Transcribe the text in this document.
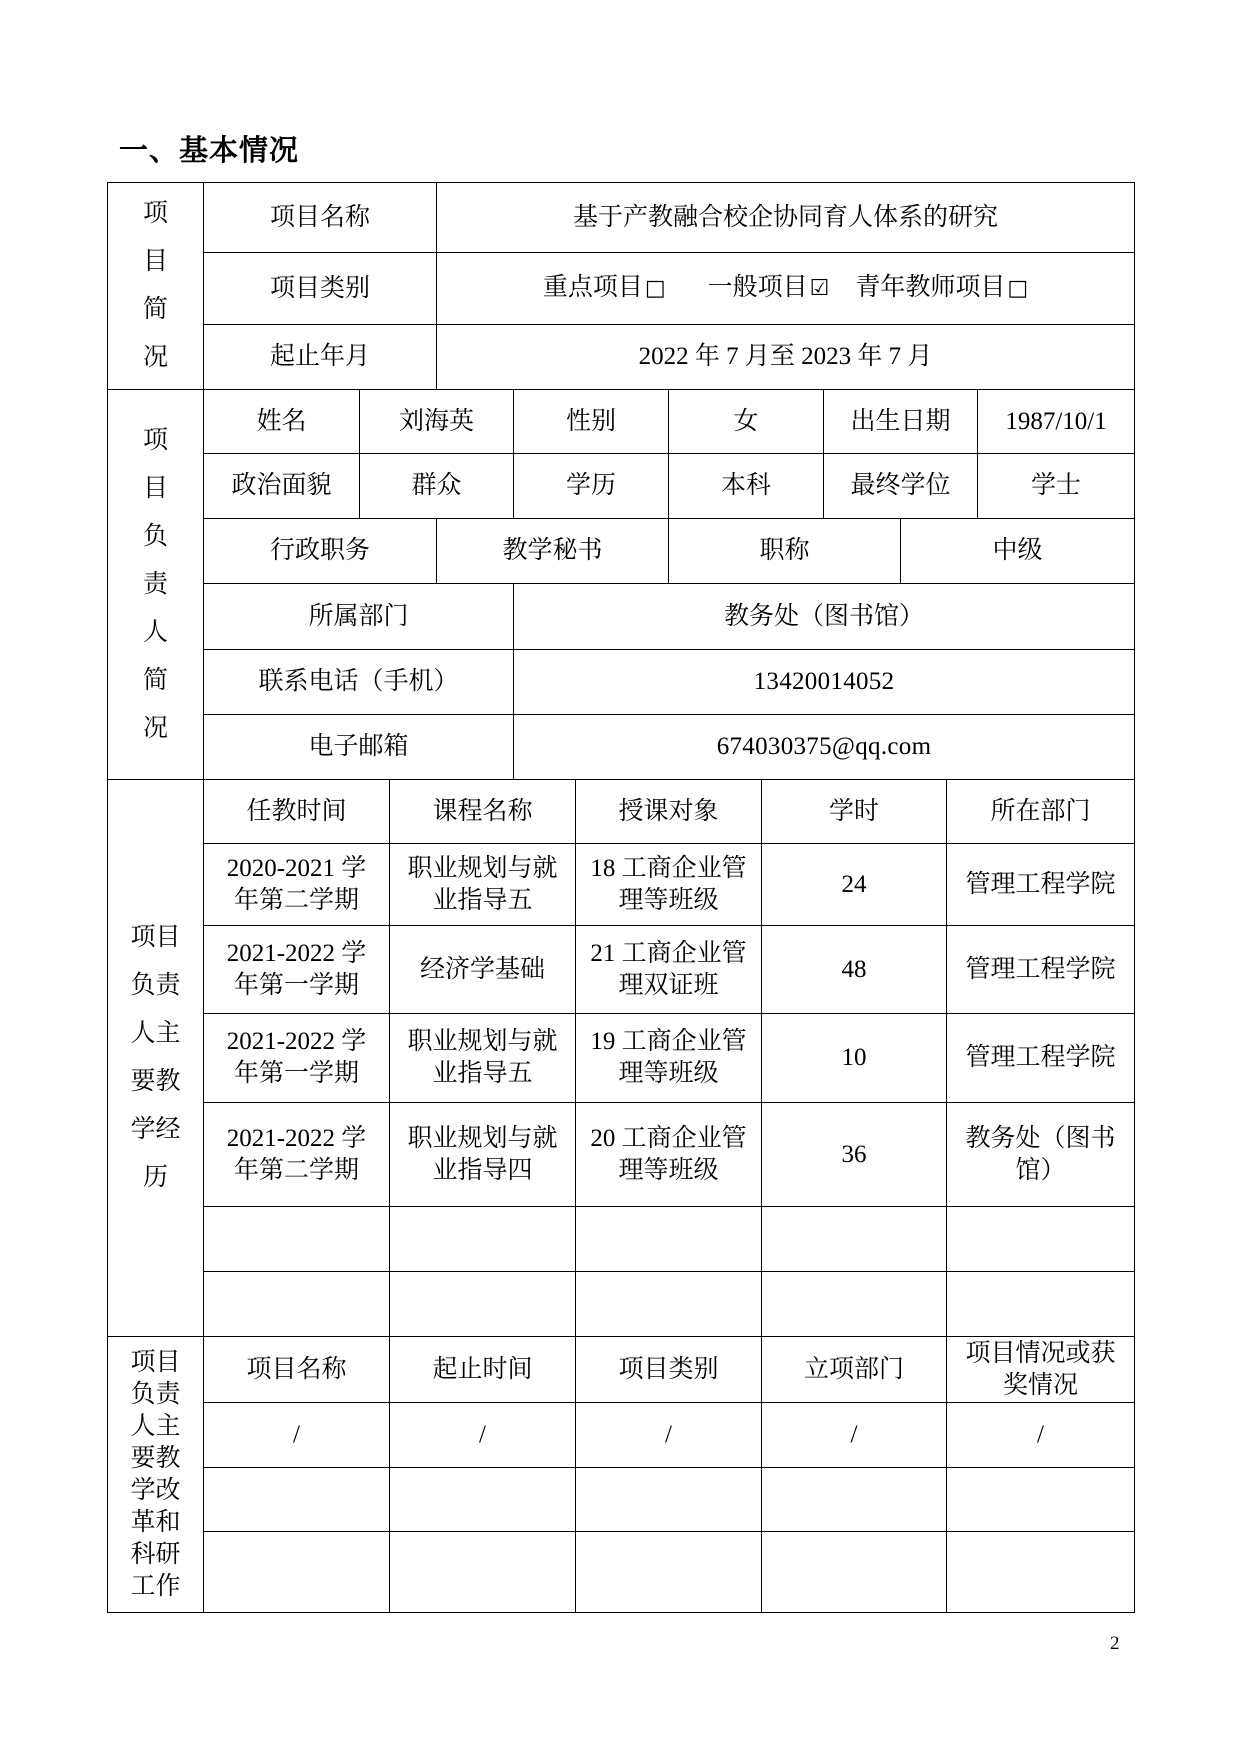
一、基本情况
项目简况	项目名称	基于产教融合校企协同育人体系的研究
	项目类别	重点项目□ 一般项目☑ 青年教师项目□
	起止年月	2022 年 7 月至 2023 年 7 月
项目负责人简况	姓名	刘海英		性别	女	出生日期		1987/10/1
	政治面貌	群众		学历	本科	最终学位		学士
	行政职务		教学秘书		职称		中级	
	所属部门			教务处（图书馆）				
	联系电话（手机）			13420014052				
	电子邮箱			674030375@qq.com				
项目负责人主要教学经历	任教时间	课程名称	授课对象	学时	所在部门

	2020-2021 学年第二学期	职业规划与就业指导五	18 工商企业管理等班级	24	管理工程学院

	2021-2022 学年第一学期	经济学基础	21 工商企业管理双证班	48	管理工程学院

	2021-2022 学年第一学期	职业规划与就业指导五	19 工商企业管理等班级	10	管理工程学院

	2021-2022 学年第二学期	职业规划与就业指导四	20 工商企业管理等班级	36	教务处（图书馆）

项目负责人主要教学改革和科研工作	项目名称	起止时间	项目类别	立项部门	项目情况或获奖情况

	/	/	/	/	/

2
